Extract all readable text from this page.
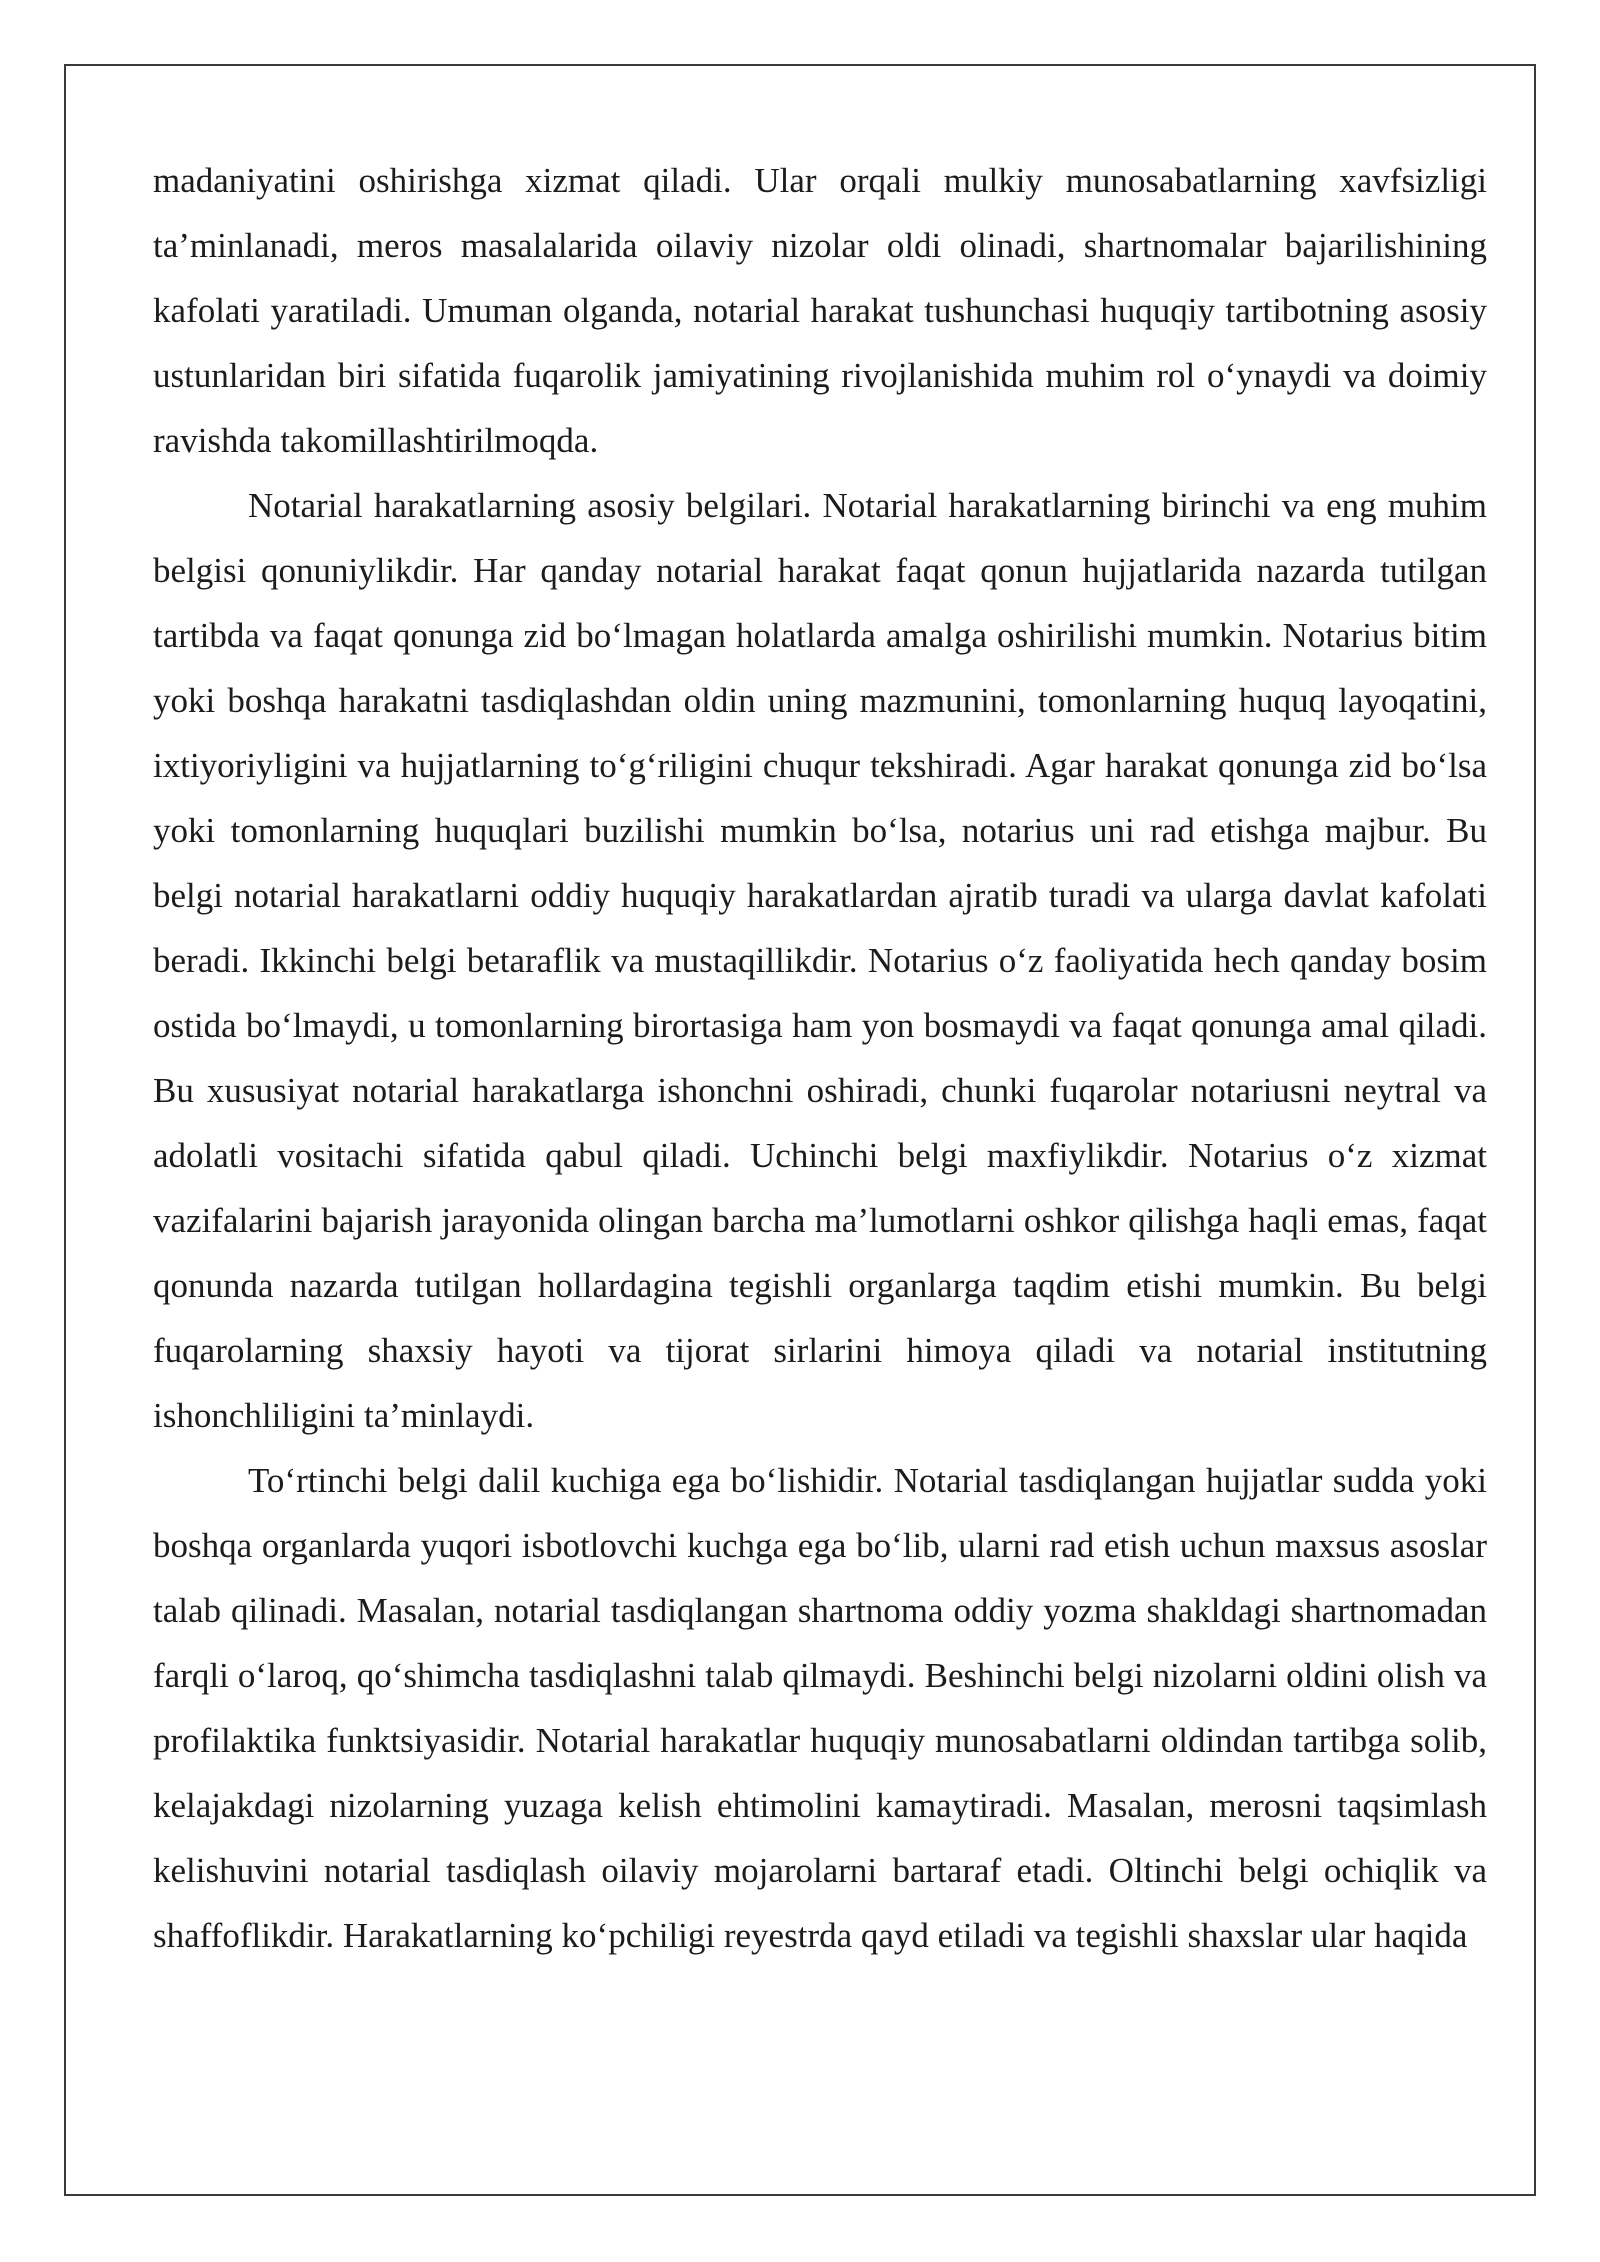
madaniyatini oshirishga xizmat qiladi. Ular orqali mulkiy munosabatlarning xavfsizligi ta’minlanadi, meros masalalarida oilaviy nizolar oldi olinadi, shartnomalar bajarilishining kafolati yaratiladi. Umuman olganda, notarial harakat tushunchasi huquqiy tartibotning asosiy ustunlaridan biri sifatida fuqarolik jamiyatining rivojlanishida muhim rol o‘ynaydi va doimiy ravishda takomillashtirilmoqda.

Notarial harakatlarning asosiy belgilari. Notarial harakatlarning birinchi va eng muhim belgisi qonuniylikdir. Har qanday notarial harakat faqat qonun hujjatlarida nazarda tutilgan tartibda va faqat qonunga zid bo‘lmagan holatlarda amalga oshirilishi mumkin. Notarius bitim yoki boshqa harakatni tasdiqlashdan oldin uning mazmunini, tomonlarning huquq layoqatini, ixtiyoriyligini va hujjatlarning to‘g‘riligini chuqur tekshiradi. Agar harakat qonunga zid bo‘lsa yoki tomonlarning huquqlari buzilishi mumkin bo‘lsa, notarius uni rad etishga majbur. Bu belgi notarial harakatlarni oddiy huquqiy harakatlardan ajratib turadi va ularga davlat kafolati beradi. Ikkinchi belgi betaraflik va mustaqillikdir. Notarius o‘z faoliyatida hech qanday bosim ostida bo‘lmaydi, u tomonlarning birortasiga ham yon bosmaydi va faqat qonunga amal qiladi. Bu xususiyat notarial harakatlarga ishonchni oshiradi, chunki fuqarolar notariusni neytral va adolatli vositachi sifatida qabul qiladi. Uchinchi belgi maxfiylikdir. Notarius o‘z xizmat vazifalarini bajarish jarayonida olingan barcha ma’lumotlarni oshkor qilishga haqli emas, faqat qonunda nazarda tutilgan hollardagina tegishli organlarga taqdim etishi mumkin. Bu belgi fuqarolarning shaxsiy hayoti va tijorat sirlarini himoya qiladi va notarial institutning ishonchliligini ta’minlaydi.

To‘rtinchi belgi dalil kuchiga ega bo‘lishidir. Notarial tasdiqlangan hujjatlar sudda yoki boshqa organlarda yuqori isbotlovchi kuchga ega bo‘lib, ularni rad etish uchun maxsus asoslar talab qilinadi. Masalan, notarial tasdiqlangan shartnoma oddiy yozma shakldagi shartnomadan farqli o‘laroq, qo‘shimcha tasdiqlashni talab qilmaydi. Beshinchi belgi nizolarni oldini olish va profilaktika funktsiyasidir. Notarial harakatlar huquqiy munosabatlarni oldindan tartibga solib, kelajakdagi nizolarning yuzaga kelish ehtimolini kamaytiradi. Masalan, merosni taqsimlash kelishuvini notarial tasdiqlash oilaviy mojarolarni bartaraf etadi. Oltinchi belgi ochiqlik va shaffoflikdir. Harakatlarning ko‘pchiligi reyestrda qayd etiladi va tegishli shaxslar ular haqida
